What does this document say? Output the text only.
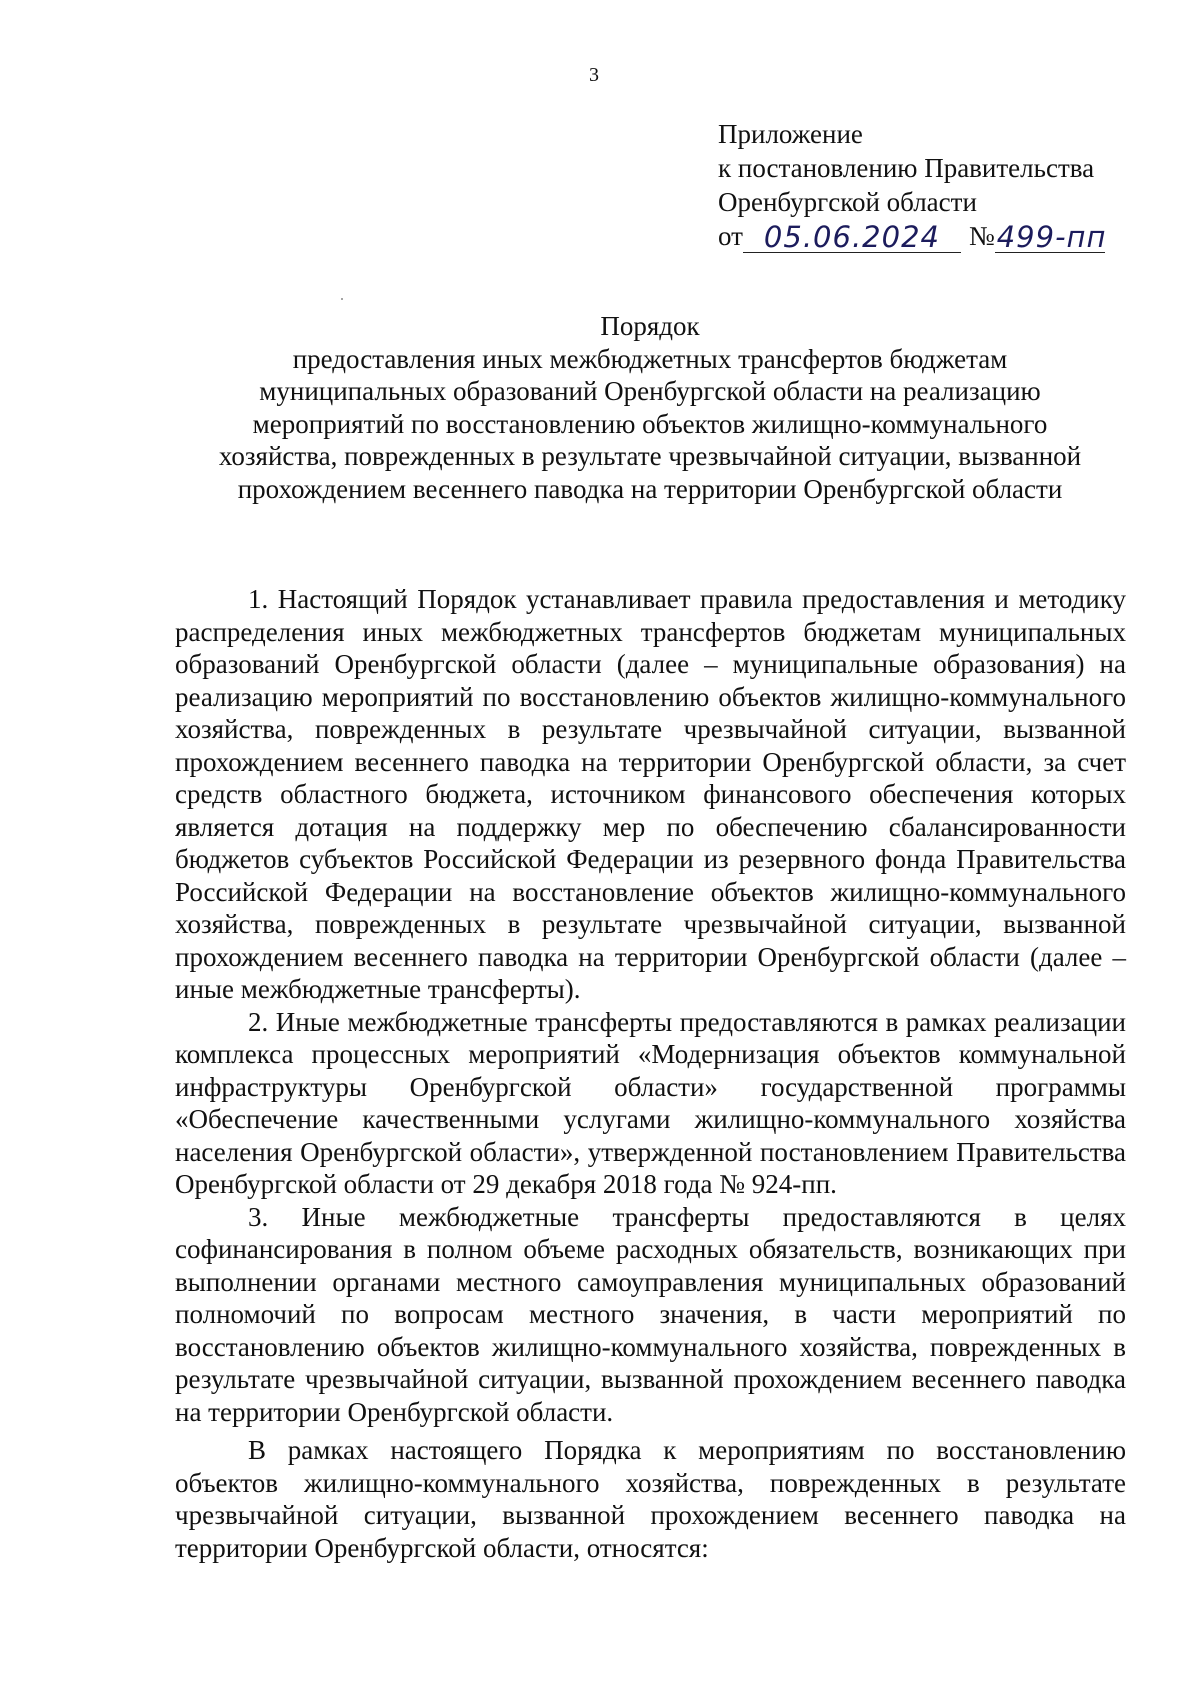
3
Приложение
к постановлению Правительства
Оренбургской области
от 05.06.2024	№ 499-пп
Порядок
предоставления иных межбюджетных трансфертов бюджетам
муниципальных образований Оренбургской области на реализацию
мероприятий по восстановлению объектов жилищно-коммунального
хозяйства, поврежденных в результате чрезвычайной ситуации, вызванной
прохождением весеннего паводка на территории Оренбургской области

1. Настоящий Порядок устанавливает правила предоставления и методику распределения иных межбюджетных трансфертов бюджетам муниципальных образований Оренбургской области (далее – муниципальные образования) на реализацию мероприятий по восстановлению объектов жилищно-коммунального хозяйства, поврежденных в результате чрезвычайной ситуации, вызванной прохождением весеннего паводка на территории Оренбургской области, за счет средств областного бюджета, источником финансового обеспечения которых является дотация на поддержку мер по обеспечению сбалансированности бюджетов субъектов Российской Федерации из резервного фонда Правительства Российской Федерации на восстановление объектов жилищно-коммунального хозяйства, поврежденных в результате чрезвычайной ситуации, вызванной прохождением весеннего паводка на территории Оренбургской области (далее – иные межбюджетные трансферты).

2. Иные межбюджетные трансферты предоставляются в рамках реализации комплекса процессных мероприятий «Модернизация объектов коммунальной инфраструктуры Оренбургской области» государственной программы «Обеспечение качественными услугами жилищно-коммунального хозяйства населения Оренбургской области», утвержденной постановлением Правительства Оренбургской области от 29 декабря 2018 года № 924-пп.

3. Иные межбюджетные трансферты предоставляются в целях софинансирования в полном объеме расходных обязательств, возникающих при выполнении органами местного самоуправления муниципальных образований полномочий по вопросам местного значения, в части мероприятий по восстановлению объектов жилищно-коммунального хозяйства, поврежденных в результате чрезвычайной ситуации, вызванной прохождением весеннего паводка на территории Оренбургской области.

В рамках настоящего Порядка к мероприятиям по восстановлению объектов жилищно-коммунального хозяйства, поврежденных в результате чрезвычайной ситуации, вызванной прохождением весеннего паводка на территории Оренбургской области, относятся:
